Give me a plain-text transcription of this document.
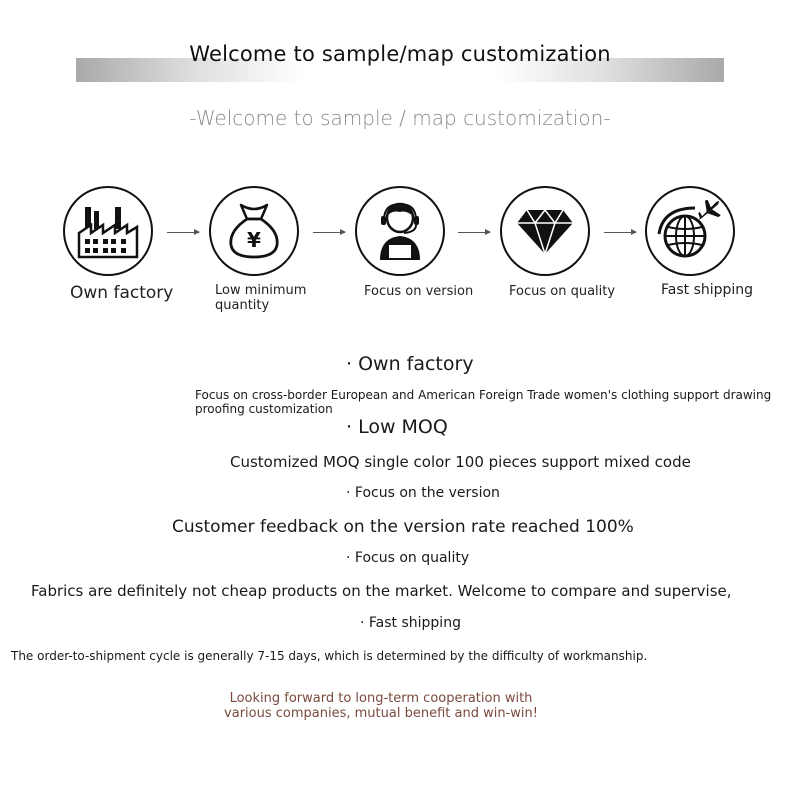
Welcome to sample/map customization
-Welcome to sample / map customization-
Own factory
¥
Low minimum quantity
Focus on version	Focus on quality	Fast shipping
· Own factory
Focus on cross-border European and American Foreign Trade women's clothing support drawing proofing customization
· Low MOQ
Customized MOQ single color 100 pieces support mixed code
· Focus on the version
Customer feedback on the version rate reached 100%
· Focus on quality
Fabrics are definitely not cheap products on the market. Welcome to compare and supervise,
· Fast shipping
The order-to-shipment cycle is generally 7-15 days, which is determined by the difficulty of workmanship.
Looking forward to long-term cooperation with various companies, mutual benefit and win-win!
